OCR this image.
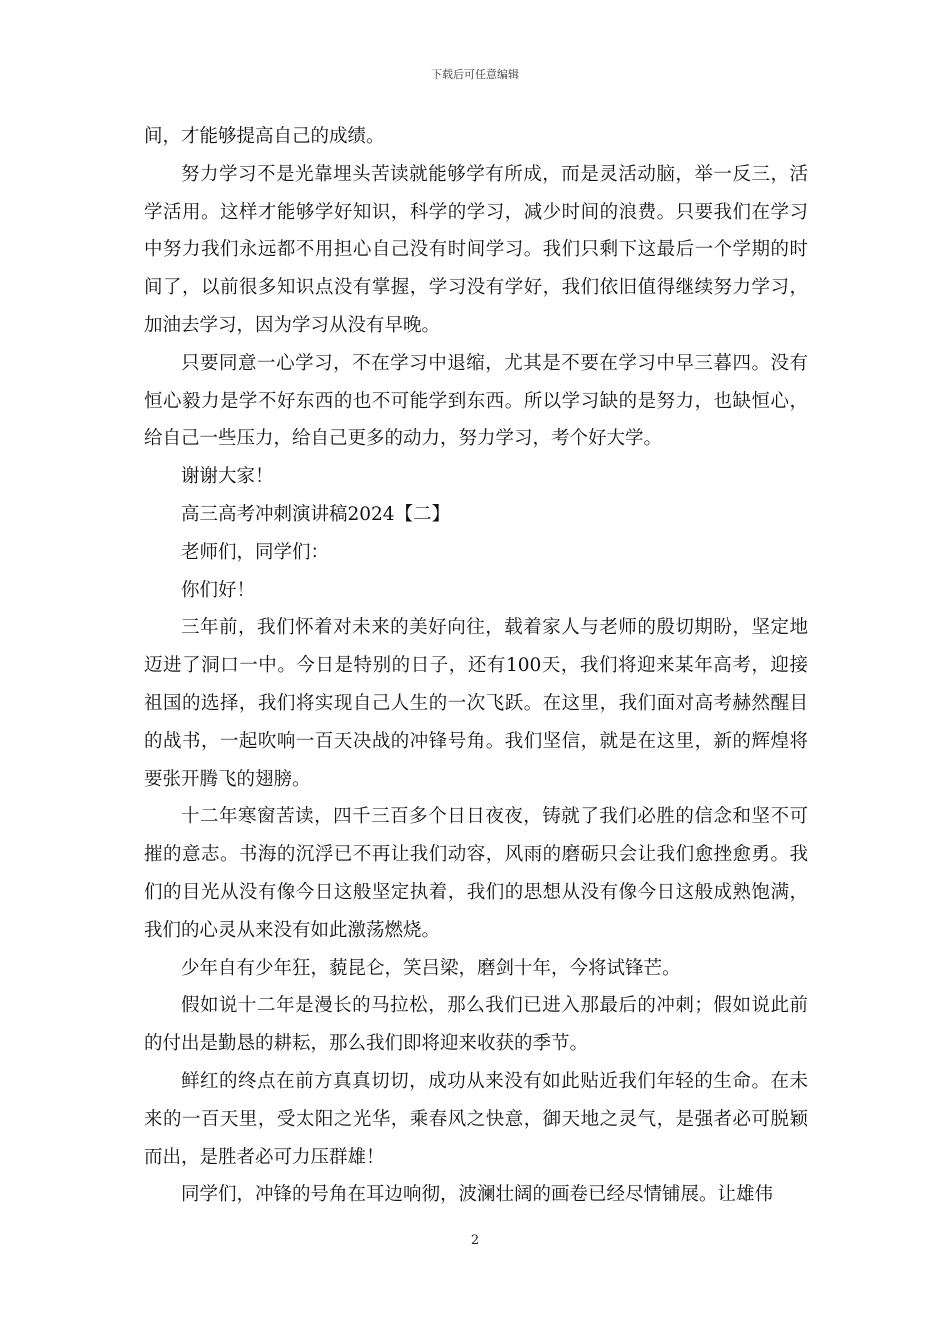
下载后可任意编辑

间，才能够提高自己的成绩。

努力学习不是光靠埋头苦读就能够学有所成，而是灵活动脑，举一反三，活学活用。这样才能够学好知识，科学的学习，减少时间的浪费。只要我们在学习中努力我们永远都不用担心自己没有时间学习。我们只剩下这最后一个学期的时间了，以前很多知识点没有掌握，学习没有学好，我们依旧值得继续努力学习，加油去学习，因为学习从没有早晚。

只要同意一心学习，不在学习中退缩，尤其是不要在学习中早三暮四。没有恒心毅力是学不好东西的也不可能学到东西。所以学习缺的是努力，也缺恒心，给自己一些压力，给自己更多的动力，努力学习，考个好大学。

谢谢大家！

高三高考冲刺演讲稿2024【二】

老师们，同学们：

你们好！

三年前，我们怀着对未来的美好向往，载着家人与老师的殷切期盼，坚定地迈进了洞口一中。今日是特别的日子，还有100天，我们将迎来某年高考，迎接祖国的选择，我们将实现自己人生的一次飞跃。在这里，我们面对高考赫然醒目的战书，一起吹响一百天决战的冲锋号角。我们坚信，就是在这里，新的辉煌将要张开腾飞的翅膀。

十二年寒窗苦读，四千三百多个日日夜夜，铸就了我们必胜的信念和坚不可摧的意志。书海的沉浮已不再让我们动容，风雨的磨砺只会让我们愈挫愈勇。我们的目光从没有像今日这般坚定执着，我们的思想从没有像今日这般成熟饱满，我们的心灵从来没有如此激荡燃烧。

少年自有少年狂，藐昆仑，笑吕梁，磨剑十年，今将试锋芒。

假如说十二年是漫长的马拉松，那么我们已进入那最后的冲刺；假如说此前的付出是勤恳的耕耘，那么我们即将迎来收获的季节。

鲜红的终点在前方真真切切，成功从来没有如此贴近我们年轻的生命。在未来的一百天里，受太阳之光华，乘春风之快意，御天地之灵气，是强者必可脱颖而出，是胜者必可力压群雄！

同学们，冲锋的号角在耳边响彻，波澜壮阔的画卷已经尽情铺展。让雄伟

2
